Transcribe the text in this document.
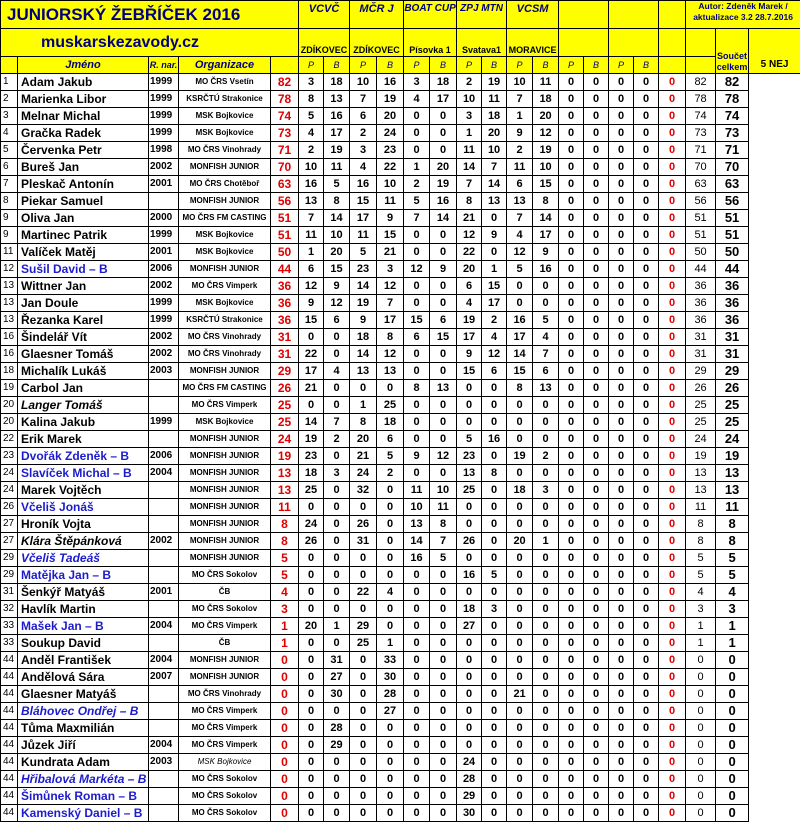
JUNIORSKÝ ŽEBŘÍČEK 2016					VCVČ		MČR J		BOAT CUP		ZPJ MTN		VCSM							Autor: Zdeněk Marek / aktualizace 3.2 28.7.2016		
muskarskezavody.cz					ZDÍKOVEC		ZDÍKOVEC		Písovka 1		Svatava1		MORAVICE								Součet celkem	5 NEJ
	Jméno	R. nar.	Organizace		P	B	P	B	P	B	P	B	P	B	P	B	P	B				
1	Adam Jakub	1999	MO ČRS Vsetín	82	3	18	10	16	3	18	2	19	10	11	0	0	0	0	0	82	82	
2	Marienka Libor	1999	KSRČTÚ Strakonice	78	8	13	7	19	4	17	10	11	7	18	0	0	0	0	0	78	78	
3	Melnar Michal	1999	MSK Bojkovice	74	5	16	6	20	0	0	3	18	1	20	0	0	0	0	0	74	74	
4	Gračka Radek	1999	MSK Bojkovice	73	4	17	2	24	0	0	1	20	9	12	0	0	0	0	0	73	73	
5	Červenka Petr	1998	MO ČRS Vinohrady	71	2	19	3	23	0	0	11	10	2	19	0	0	0	0	0	71	71	
6	Bureš Jan	2002	MONFISH JUNIOR	70	10	11	4	22	1	20	14	7	11	10	0	0	0	0	0	70	70	
7	Pleskač Antonín	2001	MO ČRS Chotěboř	63	16	5	16	10	2	19	7	14	6	15	0	0	0	0	0	63	63	
8	Piekar Samuel		MONFISH JUNIOR	56	13	8	15	11	5	16	8	13	13	8	0	0	0	0	0	56	56	
9	Oliva Jan	2000	MO ČRS FM CASTING	51	7	14	17	9	7	14	21	0	7	14	0	0	0	0	0	51	51	
9	Martinec Patrik	1999	MSK Bojkovice	51	11	10	11	15	0	0	12	9	4	17	0	0	0	0	0	51	51	
11	Valíček Matěj	2001	MSK Bojkovice	50	1	20	5	21	0	0	22	0	12	9	0	0	0	0	0	50	50	
12	Sušil David – B	2006	MONFISH JUNIOR	44	6	15	23	3	12	9	20	1	5	16	0	0	0	0	0	44	44	
13	Wittner Jan	2002	MO ČRS Vimperk	36	12	9	14	12	0	0	6	15	0	0	0	0	0	0	0	36	36	
13	Jan Doule	1999	MSK Bojkovice	36	9	12	19	7	0	0	4	17	0	0	0	0	0	0	0	36	36	
13	Řezanka Karel	1999	KSRČTÚ Strakonice	36	15	6	9	17	15	6	19	2	16	5	0	0	0	0	0	36	36	
16	Šindelář Vít	2002	MO ČRS Vinohrady	31	0	0	18	8	6	15	17	4	17	4	0	0	0	0	0	31	31	
16	Glaesner Tomáš	2002	MO ČRS Vinohrady	31	22	0	14	12	0	0	9	12	14	7	0	0	0	0	0	31	31	
18	Michalík Lukáš	2003	MONFISH JUNIOR	29	17	4	13	13	0	0	15	6	15	6	0	0	0	0	0	29	29	
19	Carbol Jan		MO ČRS FM CASTING	26	21	0	0	0	8	13	0	0	8	13	0	0	0	0	0	26	26	
20	Langer Tomáš		MO ČRS Vimperk	25	0	0	1	25	0	0	0	0	0	0	0	0	0	0	0	25	25	
20	Kalina Jakub	1999	MSK Bojkovice	25	14	7	8	18	0	0	0	0	0	0	0	0	0	0	0	25	25	
22	Erik Marek		MONFISH JUNIOR	24	19	2	20	6	0	0	5	16	0	0	0	0	0	0	0	24	24	
23	Dvořák Zdeněk – B	2006	MONFISH JUNIOR	19	23	0	21	5	9	12	23	0	19	2	0	0	0	0	0	19	19	
24	Slavíček Michal – B	2004	MONFISH JUNIOR	13	18	3	24	2	0	0	13	8	0	0	0	0	0	0	0	13	13	
24	Marek Vojtěch		MONFISH JUNIOR	13	25	0	32	0	11	10	25	0	18	3	0	0	0	0	0	13	13	
26	Včeliš Jonáš		MONFISH JUNIOR	11	0	0	0	0	10	11	0	0	0	0	0	0	0	0	0	11	11	
27	Hroník Vojta		MONFISH JUNIOR	8	24	0	26	0	13	8	0	0	0	0	0	0	0	0	0	8	8	
27	Klára Štěpánková	2002	MONFISH JUNIOR	8	26	0	31	0	14	7	26	0	20	1	0	0	0	0	0	8	8	
29	Včeliš Tadeáš		MONFISH JUNIOR	5	0	0	0	0	16	5	0	0	0	0	0	0	0	0	0	5	5	
29	Matějka Jan – B		MO ČRS Sokolov	5	0	0	0	0	0	0	16	5	0	0	0	0	0	0	0	5	5	
31	Šenkýř Matyáš	2001	ČB	4	0	0	22	4	0	0	0	0	0	0	0	0	0	0	0	4	4	
32	Havlík Martin		MO ČRS Sokolov	3	0	0	0	0	0	0	18	3	0	0	0	0	0	0	0	3	3	
33	Mašek Jan – B	2004	MO ČRS Vimperk	1	20	1	29	0	0	0	27	0	0	0	0	0	0	0	0	1	1	
33	Soukup David		ČB	1	0	0	25	1	0	0	0	0	0	0	0	0	0	0	0	1	1	
44	Anděl František	2004	MONFISH JUNIOR	0	0	31	0	33	0	0	0	0	0	0	0	0	0	0	0	0	0	
44	Andělová Sára	2007	MONFISH JUNIOR	0	0	27	0	30	0	0	0	0	0	0	0	0	0	0	0	0	0	
44	Glaesner Matyáš		MO ČRS Vinohrady	0	0	30	0	28	0	0	0	0	21	0	0	0	0	0	0	0	0	
44	Bláhovec Ondřej – B		MO ČRS Vimperk	0	0	0	0	27	0	0	0	0	0	0	0	0	0	0	0	0	0	
44	Tůma Maxmilián		MO ČRS Vimperk	0	0	28	0	0	0	0	0	0	0	0	0	0	0	0	0	0	0	
44	Jůzek Jiří	2004	MO ČRS Vimperk	0	0	29	0	0	0	0	0	0	0	0	0	0	0	0	0	0	0	
44	Kundrata Adam	2003	MSK Bojkovice	0	0	0	0	0	0	0	24	0	0	0	0	0	0	0	0	0	0	
44	Hřibalová Markéta – B		MO ČRS Sokolov	0	0	0	0	0	0	0	28	0	0	0	0	0	0	0	0	0	0	
44	Šimůnek Roman – B		MO ČRS Sokolov	0	0	0	0	0	0	0	29	0	0	0	0	0	0	0	0	0	0	
44	Kamenský Daniel – B		MO ČRS Sokolov	0	0	0	0	0	0	0	30	0	0	0	0	0	0	0	0	0	0	
